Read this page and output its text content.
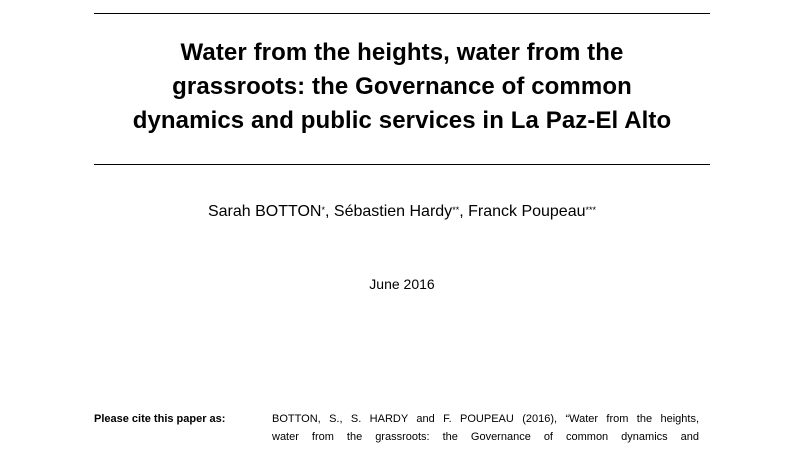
Water from the heights, water from the
grassroots: the Governance of common
dynamics and public services in La Paz-El Alto
Sarah BOTTON*, Sébastien Hardy**, Franck Poupeau***
June 2016
Please cite this paper as:	BOTTON, S., S. HARDY and F. POUPEAU (2016), “Water from the heights,
water from the grassroots: the Governance of common dynamics and
